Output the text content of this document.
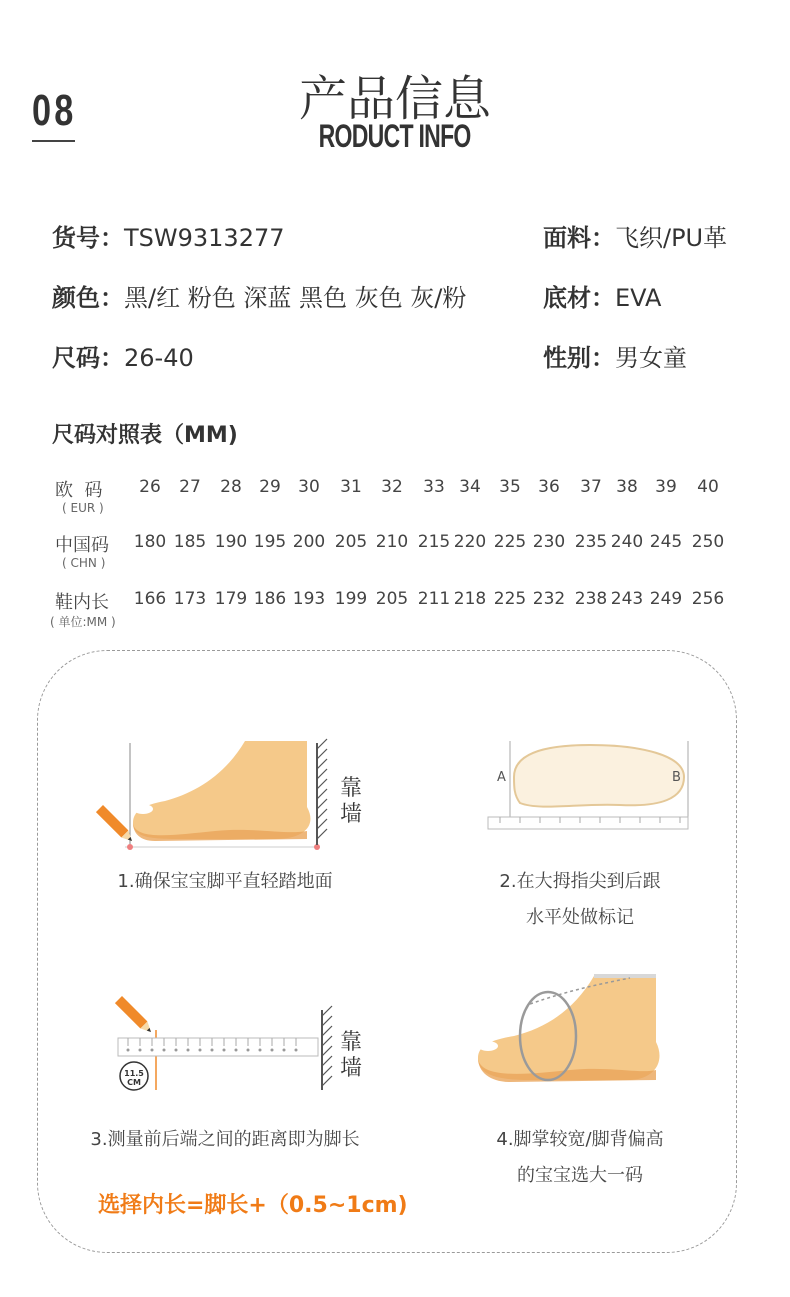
08	产品信息
RODUCT INFO
货号：TSW9313277	面料：飞织/PU革
颜色：黑/红 粉色 深蓝 黑色 灰色 灰/粉	底材：EVA
尺码：26-40	性别：男女童
尺码对照表（MM)
欧  码
( EUR )
26	27	28	29	30	31	32	33 34	35	36	37 38	39	40
中国码
( CHN )
180 185 190 195 200 205 210 215 220 225 230 235 240 245 250
鞋内长
( 单位:MM )
166 173 179 186 193 199 205 211 218 225 232 238 243 249 256
靠墙
A	B
1.确保宝宝脚平直轻踏地面	2.在大拇指尖到后跟
水平处做标记
11.5
CM
靠墙
3.测量前后端之间的距离即为脚长	4.脚掌较宽/脚背偏高
的宝宝选大一码
选择内长=脚长+（0.5~1cm)
